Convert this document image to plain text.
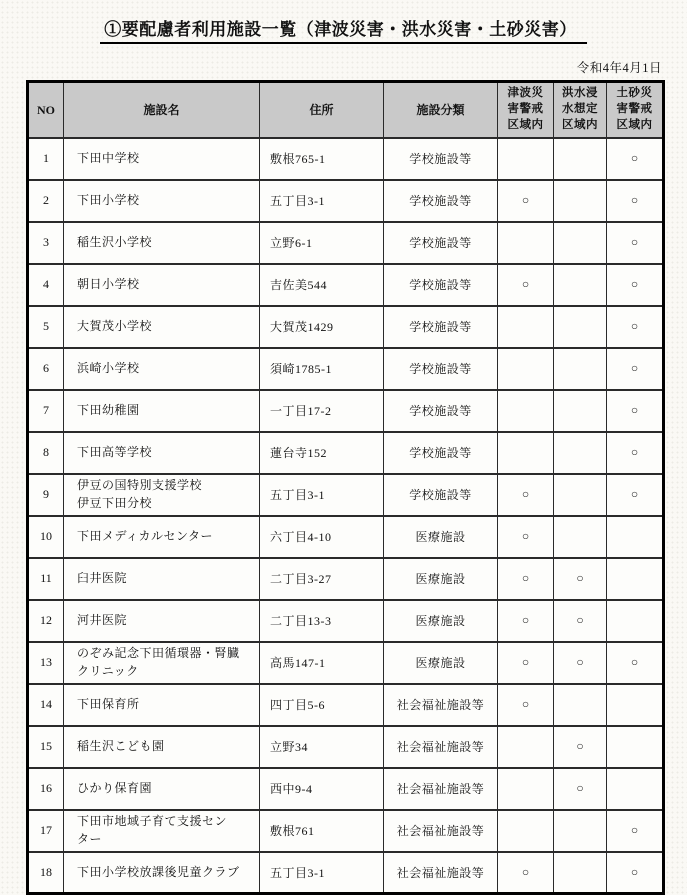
①要配慮者利用施設一覧（津波災害・洪水災害・土砂災害）
令和4年4月1日
NO	施設名	住所	施設分類	津波災
害警戒
区域内	洪水浸
水想定
区域内	土砂災
害警戒
区域内
1	下田中学校	敷根765-1	学校施設等			○
2	下田小学校	五丁目3-1	学校施設等	○		○
3	稲生沢小学校	立野6-1	学校施設等			○
4	朝日小学校	吉佐美544	学校施設等	○		○
5	大賀茂小学校	大賀茂1429	学校施設等			○
6	浜崎小学校	須崎1785-1	学校施設等			○
7	下田幼稚園	一丁目17-2	学校施設等			○
8	下田高等学校	蓮台寺152	学校施設等			○
9	伊豆の国特別支援学校
伊豆下田分校	五丁目3-1	学校施設等	○		○
10	下田メディカルセンター	六丁目4-10	医療施設	○		
11	臼井医院	二丁目3-27	医療施設	○	○	
12	河井医院	二丁目13-3	医療施設	○	○	
13	のぞみ記念下田循環器・腎臓
クリニック	高馬147-1	医療施設	○	○	○
14	下田保育所	四丁目5-6	社会福祉施設等	○		
15	稲生沢こども園	立野34	社会福祉施設等		○	
16	ひかり保育園	西中9-4	社会福祉施設等		○	
17	下田市地域子育て支援セン
ター	敷根761	社会福祉施設等			○
18	下田小学校放課後児童クラブ	五丁目3-1	社会福祉施設等	○		○
